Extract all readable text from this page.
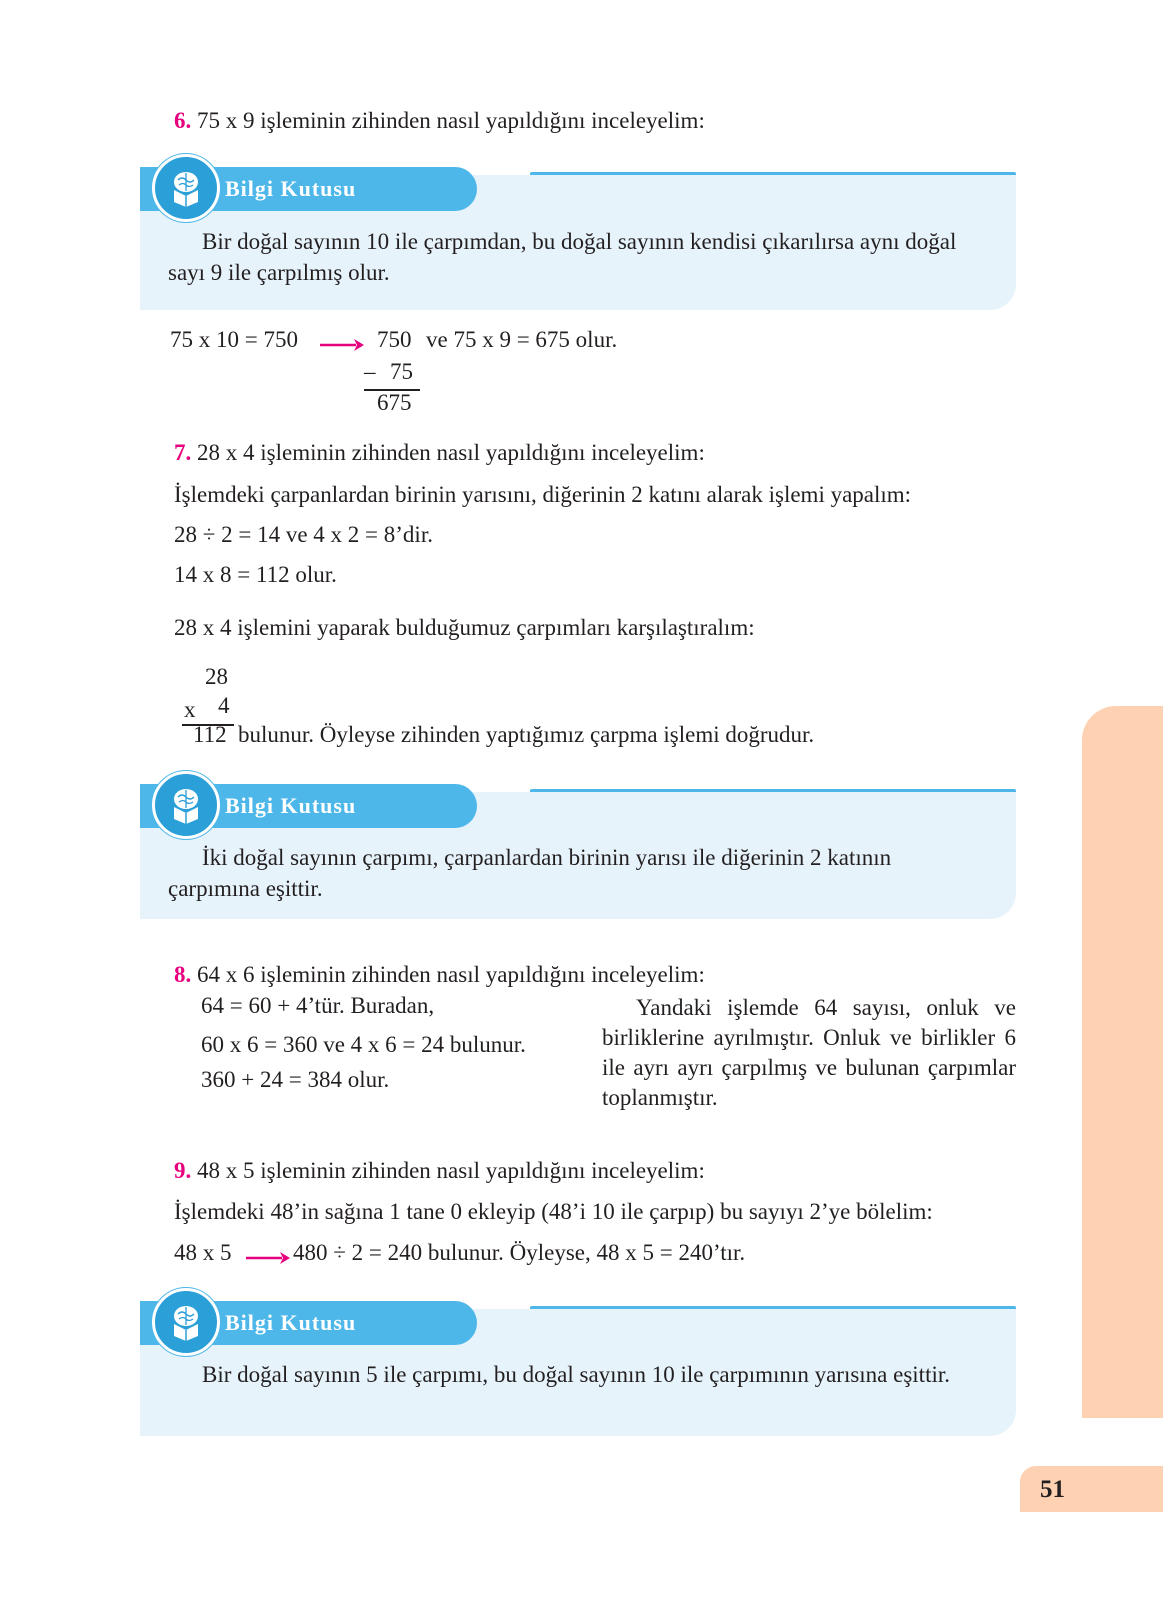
6. 75 x 9 işleminin zihinden nasıl yapıldığını inceleyelim:
Bilgi Kutusu
Bir doğal sayının 10 ile çarpımdan, bu doğal sayının kendisi çıkarılırsa aynı doğal sayı 9 ile çarpılmış olur.
75 x 10 = 750	750 ve 75 x 9 = 675 olur.
– 75
675
7. 28 x 4 işleminin zihinden nasıl yapıldığını inceleyelim:
İşlemdeki çarpanlardan birinin yarısını, diğerinin 2 katını alarak işlemi yapalım:
28 ÷ 2 = 14 ve 4 x 2 = 8’dir.
14 x 8 = 112 olur.
28 x 4 işlemini yaparak bulduğumuz çarpımları karşılaştıralım:
28
x 4
112 bulunur. Öyleyse zihinden yaptığımız çarpma işlemi doğrudur.
Bilgi Kutusu
İki doğal sayının çarpımı, çarpanlardan birinin yarısı ile diğerinin 2 katının çarpımına eşittir.
8. 64 x 6 işleminin zihinden nasıl yapıldığını inceleyelim:
64 = 60 + 4’tür. Buradan,
60 x 6 = 360 ve 4 x 6 = 24 bulunur.
360 + 24 = 384 olur.
Yandaki işlemde 64 sayısı, onluk ve birliklerine ayrılmıştır. Onluk ve birlikler 6 ile ayrı ayrı çarpılmış ve bulunan çarpımlar toplanmıştır.
9. 48 x 5 işleminin zihinden nasıl yapıldığını inceleyelim:
İşlemdeki 48’in sağına 1 tane 0 ekleyip (48’i 10 ile çarpıp) bu sayıyı 2’ye bölelim:
48 x 5	480 ÷ 2 = 240 bulunur. Öyleyse, 48 x 5 = 240’tır.
Bilgi Kutusu
Bir doğal sayının 5 ile çarpımı, bu doğal sayının 10 ile çarpımının yarısına eşittir.
51
